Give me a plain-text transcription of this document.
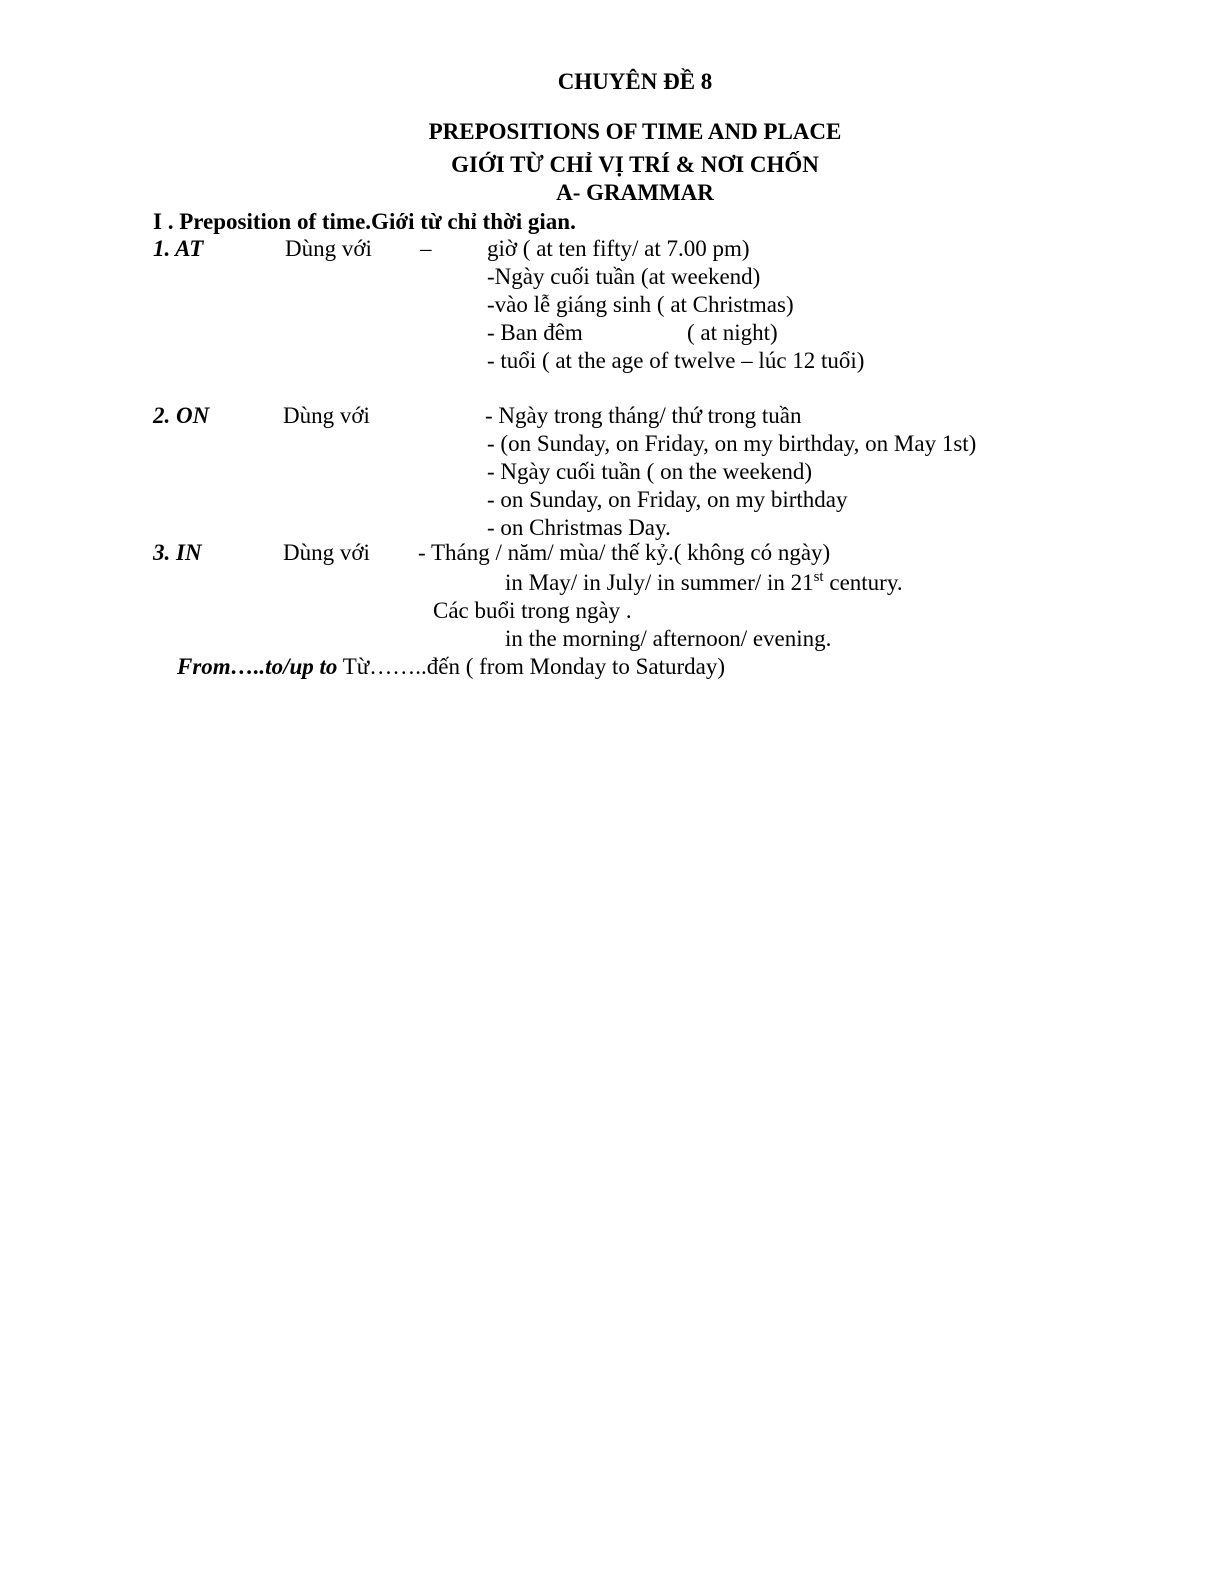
CHUYÊN ĐỀ 8
PREPOSITIONS OF TIME AND PLACE
GIỚI TỪ CHỈ VỊ TRÍ & NƠI CHỐN
A- GRAMMAR
I . Preposition of time.Giới từ chỉ thời gian.
1. AT	Dùng với – giờ ( at ten fifty/ at 7.00 pm)
-Ngày cuối tuần (at weekend)
-vào lễ giáng sinh ( at Christmas)
- Ban đêm	( at night)
- tuổi ( at the age of twelve – lúc 12 tuổi)
2. ON	Dùng với	- Ngày trong tháng/ thứ trong tuần
- (on Sunday, on Friday, on my birthday, on May 1st)
- Ngày cuối tuần ( on the weekend)
- on Sunday, on Friday, on my birthday
- on Christmas Day.
3. IN	Dùng với - Tháng / năm/ mùa/ thế kỷ.( không có ngày)
in May/ in July/ in summer/ in 21st century.
Các buổi trong ngày .
in the morning/ afternoon/ evening.
From…..to/up to Từ……..đến ( from Monday to Saturday)
